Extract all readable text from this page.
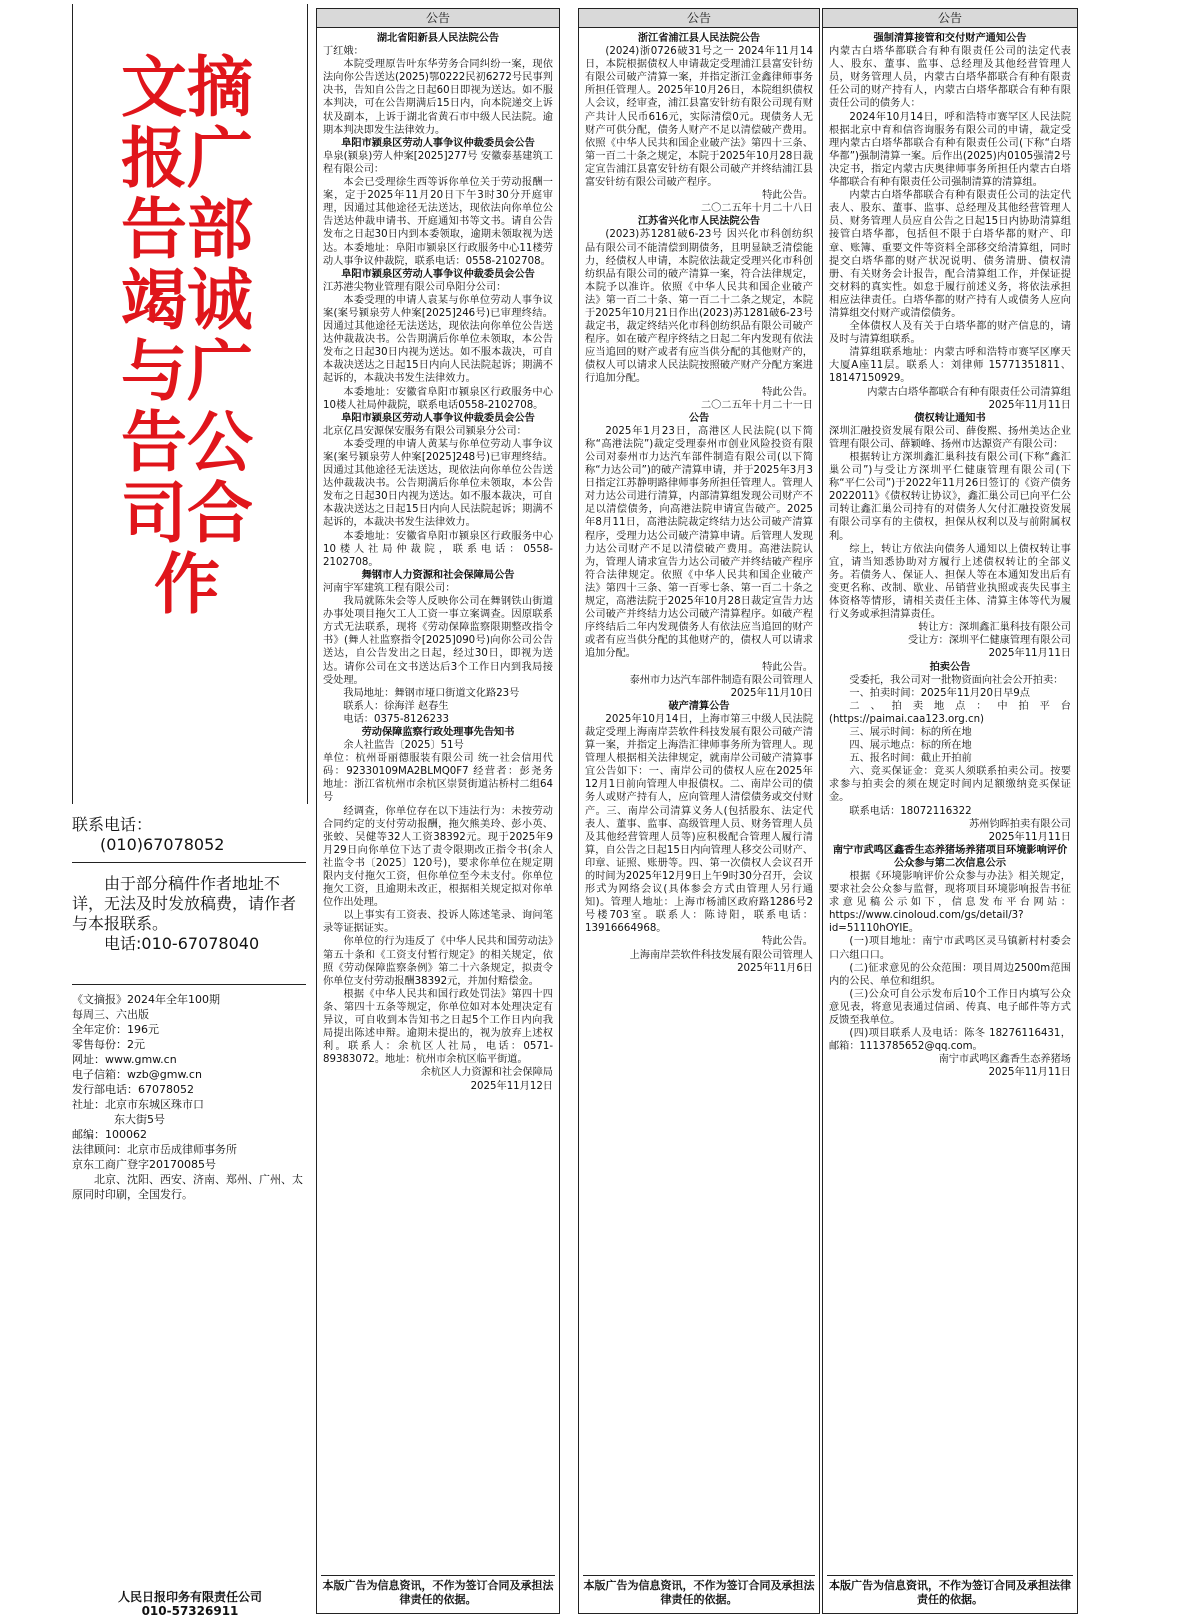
文摘报广告部竭诚与广告公司合作
联系电话：
(010)67078052
由于部分稿件作者地址不详，无法及时发放稿费，请作者与本报联系。
电话:010-67078040
《文摘报》2024年全年100期
每周三、六出版
全年定价：196元
零售每份：2元
网址：www.gmw.cn
电子信箱：wzb@gmw.cn
发行部电话：67078052
社址：北京市东城区珠市口
东大街5号
邮编：100062
法律顾问：北京市岳成律师事务所
京东工商广登字20170085号
北京、沈阳、西安、济南、郑州、广州、太原同时印刷，全国发行。
人民日报印务有限责任公司
010-57326911
公告

湖北省阳新县人民法院公告

丁红娥：

本院受理原告叶东华劳务合同纠纷一案，现依法向你公告送达(2025)鄂0222民初6272号民事判决书，告知自公告之日起60日即视为送达。如不服本判决，可在公告期满后15日内，向本院递交上诉状及副本，上诉于湖北省黄石市中级人民法院。逾期本判决即发生法律效力。

阜阳市颍泉区劳动人事争议仲裁委员会公告

阜泉(颍泉)劳人仲案[2025]277号 安徽泰基建筑工程有限公司：

本会已受理徐生西等诉你单位关于劳动报酬一案，定于2025年11月20日下午3时30分开庭审理，因通过其他途径无法送达，现依法向你单位公告送达仲裁申请书、开庭通知书等文书。请自公告发布之日起30日内到本委领取，逾期未领取视为送达。本委地址：阜阳市颍泉区行政服务中心11楼劳动人事争议仲裁院，联系电话：0558-2102708。

阜阳市颍泉区劳动人事争议仲裁委员会公告

江苏港尖物业管理有限公司阜阳分公司：

本委受理的申请人袁某与你单位劳动人事争议案(案号颍泉劳人仲案[2025]246号)已审理终结。因通过其他途径无法送达，现依法向你单位公告送达仲裁裁决书。公告期满后你单位未领取，本公告发布之日起30日内视为送达。如不服本裁决，可自本裁决送达之日起15日内向人民法院起诉；期满不起诉的，本裁决书发生法律效力。

本委地址：安徽省阜阳市颍泉区行政服务中心10楼人社局仲裁院，联系电话0558-2102708。

阜阳市颍泉区劳动人事争议仲裁委员会公告

北京亿昌安源保安服务有限公司颍泉分公司：

本委受理的申请人黄某与你单位劳动人事争议案(案号颍泉劳人仲案[2025]248号)已审理终结。因通过其他途径无法送达，现依法向你单位公告送达仲裁裁决书。公告期满后你单位未领取，本公告发布之日起30日内视为送达。如不服本裁决，可自本裁决送达之日起15日内向人民法院起诉；期满不起诉的，本裁决书发生法律效力。

本委地址：安徽省阜阳市颍泉区行政服务中心10楼人社局仲裁院，联系电话：0558-2102708。

舞钢市人力资源和社会保障局公告

河南宇军建筑工程有限公司：

我局就陈朱会等人反映你公司在舞钢铁山街道办事处项目拖欠工人工资一事立案调查。因原联系方式无法联系，现将《劳动保障监察限期整改指令书》(舞人社监察指令[2025]090号)向你公司公告送达，自公告发出之日起，经过30日，即视为送达。请你公司在文书送达后3个工作日内到我局接受处理。

我局地址：舞钢市垭口街道文化路23号

联系人：徐海洋 赵春生

电话：0375-8126233

劳动保障监察行政处理事先告知书

余人社监告〔2025〕51号

单位：杭州哥丽德服装有限公司 统一社会信用代码：92330109MA2BLMQ0F7 经营者：彭尧务 地址：浙江省杭州市余杭区崇贤街道沾桥村二组64号

经调查，你单位存在以下违法行为：未按劳动合同约定的支付劳动报酬，拖欠熊美玲、彭小英、张蛟、吴健等32人工资38392元。现于2025年9月29日向你单位下达了责令限期改正指令书(余人社监令书〔2025〕120号)，要求你单位在规定期限内支付拖欠工资，但你单位至今未支付。你单位拖欠工资，且逾期未改正，根据相关规定拟对你单位作出处理。

以上事实有工资表、投诉人陈述笔录、询问笔录等证据证实。

你单位的行为违反了《中华人民共和国劳动法》第五十条和《工资支付暂行规定》的相关规定，依照《劳动保障监察条例》第二十六条规定，拟责令你单位支付劳动报酬38392元，并加付赔偿金。

根据《中华人民共和国行政处罚法》第四十四条、第四十五条等规定，你单位如对本处理决定有异议，可自收到本告知书之日起5个工作日内向我局提出陈述申辩。逾期未提出的，视为放弃上述权利。联系人：余杭区人社局，电话：0571-89383072。地址：杭州市余杭区临平街道。

余杭区人力资源和社会保障局

2025年11月12日

本版广告为信息资讯，不作为签订合同及承担法律责任的依据。
公告

浙江省浦江县人民法院公告

(2024)浙0726破31号之一 2024年11月14日，本院根据债权人申请裁定受理浦江县富安针纺有限公司破产清算一案，并指定浙江金鑫律师事务所担任管理人。2025年10月26日，本院组织债权人会议，经审查，浦江县富安针纺有限公司现有财产共计人民币616元，实际清偿0元。现债务人无财产可供分配，债务人财产不足以清偿破产费用。依照《中华人民共和国企业破产法》第四十三条、第一百二十条之规定，本院于2025年10月28日裁定宣告浦江县富安针纺有限公司破产并终结浦江县富安针纺有限公司破产程序。

特此公告。

二〇二五年十月二十八日

江苏省兴化市人民法院公告

(2023)苏1281破6-23号 因兴化市科创纺织品有限公司不能清偿到期债务，且明显缺乏清偿能力，经债权人申请，本院依法裁定受理兴化市科创纺织品有限公司的破产清算一案，符合法律规定，本院予以准许。依照《中华人民共和国企业破产法》第一百二十条、第一百二十二条之规定，本院于2025年10月21日作出(2023)苏1281破6-23号裁定书，裁定终结兴化市科创纺织品有限公司破产程序。如在破产程序终结之日起二年内发现有依法应当追回的财产或者有应当供分配的其他财产的，债权人可以请求人民法院按照破产财产分配方案进行追加分配。

特此公告。

二〇二五年十月二十一日

公告

2025年1月23日，高港区人民法院(以下简称“高港法院”)裁定受理泰州市创业风险投资有限公司对泰州市力达汽车部件制造有限公司(以下简称“力达公司”)的破产清算申请，并于2025年3月3日指定江苏静明路律师事务所担任管理人。管理人对力达公司进行清算，内部清算组发现公司财产不足以清偿债务，向高港法院申请宣告破产。2025年8月11日，高港法院裁定终结力达公司破产清算程序，受理力达公司破产清算申请。后管理人发现力达公司财产不足以清偿破产费用。高港法院认为，管理人请求宣告力达公司破产并终结破产程序符合法律规定。依照《中华人民共和国企业破产法》第四十三条、第一百零七条、第一百二十条之规定，高港法院于2025年10月28日裁定宣告力达公司破产并终结力达公司破产清算程序。如破产程序终结后二年内发现债务人有依法应当追回的财产或者有应当供分配的其他财产的，债权人可以请求追加分配。

特此公告。

泰州市力达汽车部件制造有限公司管理人

2025年11月10日

破产清算公告

2025年10月14日，上海市第三中级人民法院裁定受理上海南岸芸软件科技发展有限公司破产清算一案，并指定上海浩汇律师事务所为管理人。现管理人根据相关法律规定，就南岸公司破产清算事宜公告如下：一、南岸公司的债权人应在2025年12月1日前向管理人申报债权。二、南岸公司的债务人或财产持有人，应向管理人清偿债务或交付财产。三、南岸公司清算义务人(包括股东、法定代表人、董事、监事、高级管理人员、财务管理人员及其他经营管理人员等)应积极配合管理人履行清算，自公告之日起15日内向管理人移交公司财产、印章、证照、账册等。四、第一次债权人会议召开的时间为2025年12月9日上午9时30分召开，会议形式为网络会议(具体参会方式由管理人另行通知)。管理人地址：上海市杨浦区政府路1286号2号楼703室。联系人：陈诗阳，联系电话：13916664968。

特此公告。

上海南岸芸软件科技发展有限公司管理人

2025年11月6日

本版广告为信息资讯，不作为签订合同及承担法律责任的依据。
公告

强制清算接管和交付财产通知公告

内蒙古白塔华都联合有种有限责任公司的法定代表人、股东、董事、监事、总经理及其他经营管理人员，财务管理人员，内蒙古白塔华都联合有种有限责任公司的财产持有人，内蒙古白塔华都联合有种有限责任公司的债务人：

2024年10月14日，呼和浩特市赛罕区人民法院根据北京中育和信咨询服务有限公司的申请，裁定受理内蒙古白塔华都联合有种有限责任公司(下称“白塔华都”)强制清算一案。后作出(2025)内0105强清2号决定书，指定内蒙古庆奥律师事务所担任内蒙古白塔华都联合有种有限责任公司强制清算的清算组。

内蒙古白塔华都联合有种有限责任公司的法定代表人、股东、董事、监事、总经理及其他经营管理人员、财务管理人员应自公告之日起15日内协助清算组接管白塔华都，包括但不限于白塔华都的财产、印章、账簿、重要文件等资料全部移交给清算组，同时提交白塔华都的财产状况说明、债务清册、债权清册、有关财务会计报告，配合清算组工作，并保证提交材料的真实性。如怠于履行前述义务，将依法承担相应法律责任。白塔华都的财产持有人或债务人应向清算组交付财产或清偿债务。

全体债权人及有关于白塔华都的财产信息的，请及时与清算组联系。

清算组联系地址：内蒙古呼和浩特市赛罕区摩天大厦A座11层。联系人：刘律师 15771351811、18147150929。

内蒙古白塔华都联合有种有限责任公司清算组

2025年11月11日

债权转让通知书

深圳汇融投资发展有限公司、薛俊熙、扬州美达企业管理有限公司、薛颖峰、扬州市达源资产有限公司：

根据转让方深圳鑫汇巢科技有限公司(下称“鑫汇巢公司”)与受让方深圳平仁健康管理有限公司(下称“平仁公司”)于2022年11月26日签订的《资产债务2022011》《债权转让协议》，鑫汇巢公司已向平仁公司转让鑫汇巢公司持有的对债务人欠付汇融投资发展有限公司享有的主债权，担保从权利以及与前附属权利。

综上，转让方依法向债务人通知以上债权转让事宜，请当知悉协助对方履行上述债权转让的全部义务。若债务人、保证人、担保人等在本通知发出后有变更名称、改制、歇业、吊销营业执照或丧失民事主体资格等情形，请相关责任主体、清算主体等代为履行义务或承担清算责任。

转让方：深圳鑫汇巢科技有限公司

受让方：深圳平仁健康管理有限公司

2025年11月11日

拍卖公告

受委托，我公司对一批物资面向社会公开拍卖：

一、拍卖时间：2025年11月20日早9点

二、拍卖地点：中拍平台(https://paimai.caa123.org.cn)

三、展示时间：标的所在地

四、展示地点：标的所在地

五、报名时间：截止开拍前

六、竞买保证金：竞买人须联系拍卖公司。按要求参与拍卖会的须在规定时间内足额缴纳竞买保证金。

联系电话：18072116322

苏州钧晖拍卖有限公司

2025年11月11日

南宁市武鸣区鑫香生态养猪场养猪项目环境影响评价公众参与第二次信息公示

根据《环境影响评价公众参与办法》相关规定，要求社会公众参与监督，现将项目环境影响报告书征求意见稿公示如下，信息发布平台网站：https://www.cinoloud.com/gs/detail/3?id=51110hOYIE。

(一)项目地址：南宁市武鸣区灵马镇新村村委会口六组口口。

(二)征求意见的公众范围：项目周边2500m范围内的公民、单位和组织。

(三)公众可自公示发布后10个工作日内填写公众意见表，将意见表通过信函、传真、电子邮件等方式反馈至我单位。

(四)项目联系人及电话：陈冬 18276116431，邮箱：1113785652@qq.com。

南宁市武鸣区鑫香生态养猪场

2025年11月11日

本版广告为信息资讯，不作为签订合同及承担法律责任的依据。
